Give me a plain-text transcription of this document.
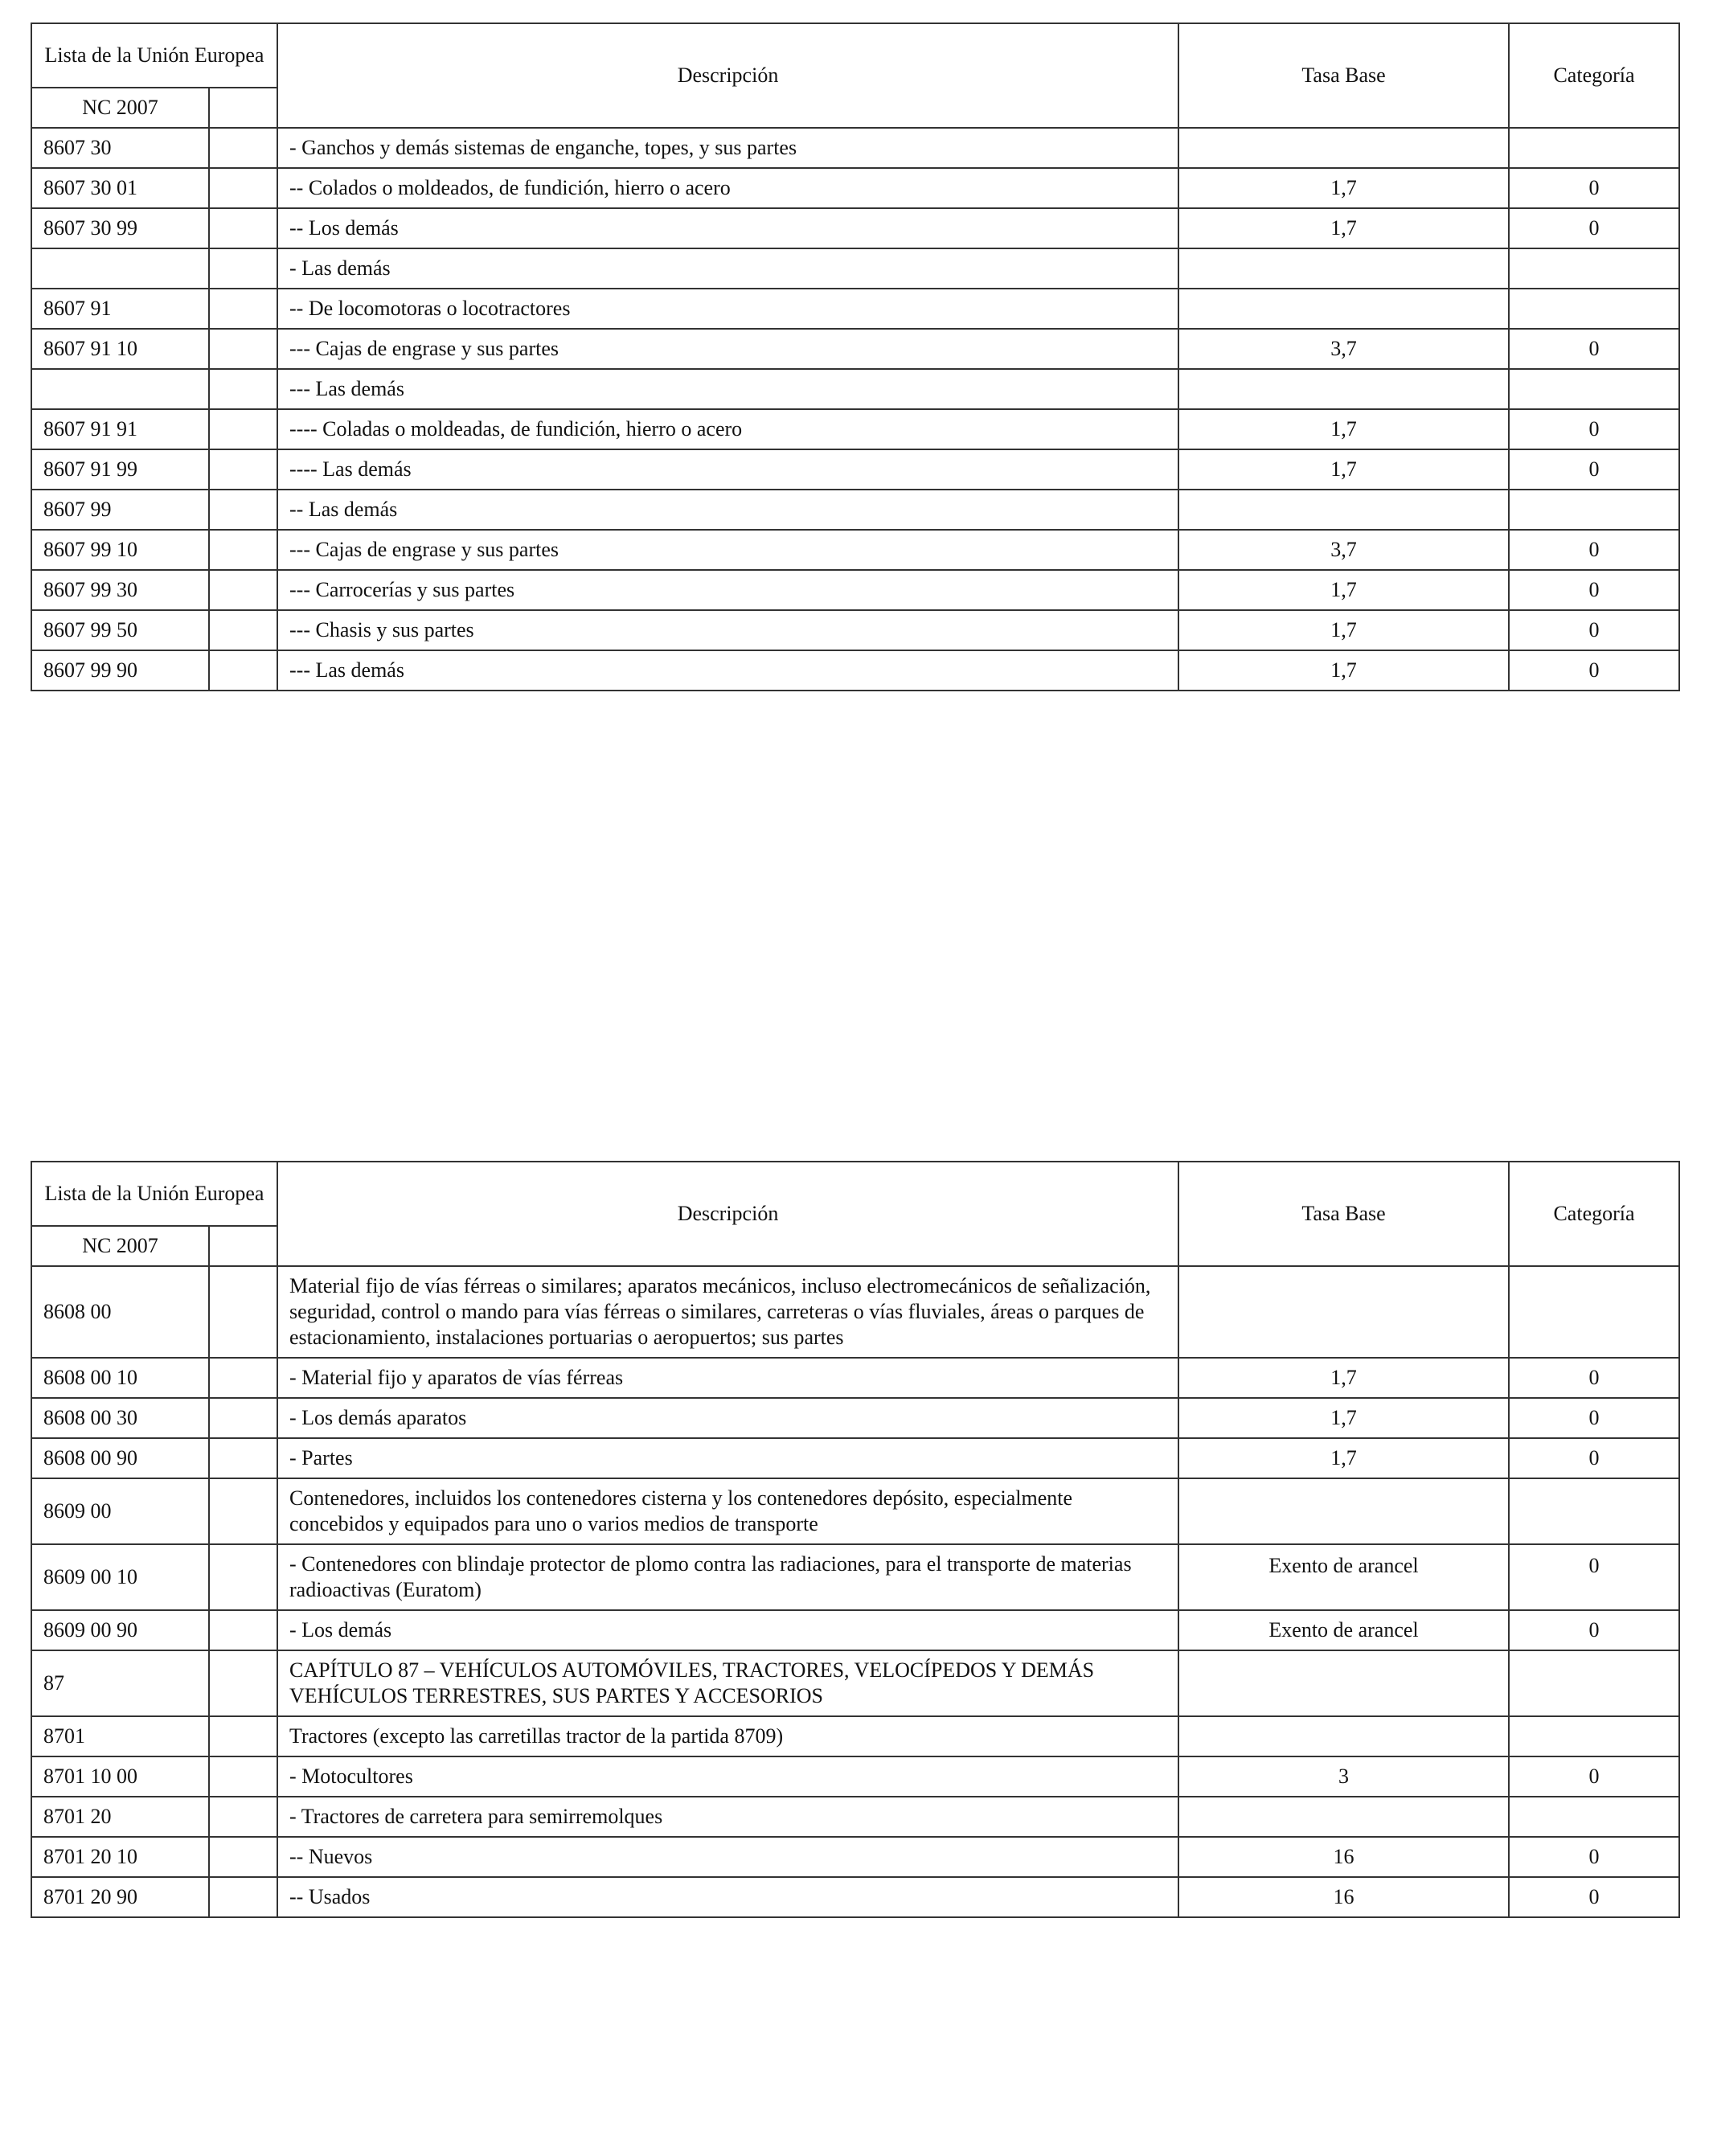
Lista de la Unión Europea		Descripción	Tasa Base	Categoría
NC 2007				
8607 30		- Ganchos y demás sistemas de enganche, topes, y sus partes		
8607 30 01		-- Colados o moldeados, de fundición, hierro o acero	1,7	0
8607 30 99		-- Los demás	1,7	0
		- Las demás		
8607 91		-- De locomotoras o locotractores		
8607 91 10		--- Cajas de engrase y sus partes	3,7	0
		--- Las demás		
8607 91 91		---- Coladas o moldeadas, de fundición, hierro o acero	1,7	0
8607 91 99		---- Las demás	1,7	0
8607 99		-- Las demás		
8607 99 10		--- Cajas de engrase y sus partes	3,7	0
8607 99 30		--- Carrocerías y sus partes	1,7	0
8607 99 50		--- Chasis y sus partes	1,7	0
8607 99 90		--- Las demás	1,7	0
Lista de la Unión Europea		Descripción	Tasa Base	Categoría
NC 2007				
8608 00		Material fijo de vías férreas o similares; aparatos mecánicos, incluso electromecánicos de señalización, seguridad, control o mando para vías férreas o similares, carreteras o vías fluviales, áreas o parques de estacionamiento, instalaciones portuarias o aeropuertos; sus partes		
8608 00 10		- Material fijo y aparatos de vías férreas	1,7	0
8608 00 30		- Los demás aparatos	1,7	0
8608 00 90		- Partes	1,7	0
8609 00		Contenedores, incluidos los contenedores cisterna y los contenedores depósito, especialmente concebidos y equipados para uno o varios medios de transporte		
8609 00 10		- Contenedores con blindaje protector de plomo contra las radiaciones, para el transporte de materias radioactivas (Euratom)	Exento de arancel	0
8609 00 90		- Los demás	Exento de arancel	0
87		CAPÍTULO 87 – VEHÍCULOS AUTOMÓVILES, TRACTORES, VELOCÍPEDOS Y DEMÁS VEHÍCULOS TERRESTRES, SUS PARTES Y ACCESORIOS		
8701		Tractores (excepto las carretillas tractor de la partida 8709)		
8701 10 00		- Motocultores	3	0
8701 20		- Tractores de carretera para semirremolques		
8701 20 10		-- Nuevos	16	0
8701 20 90		-- Usados	16	0
